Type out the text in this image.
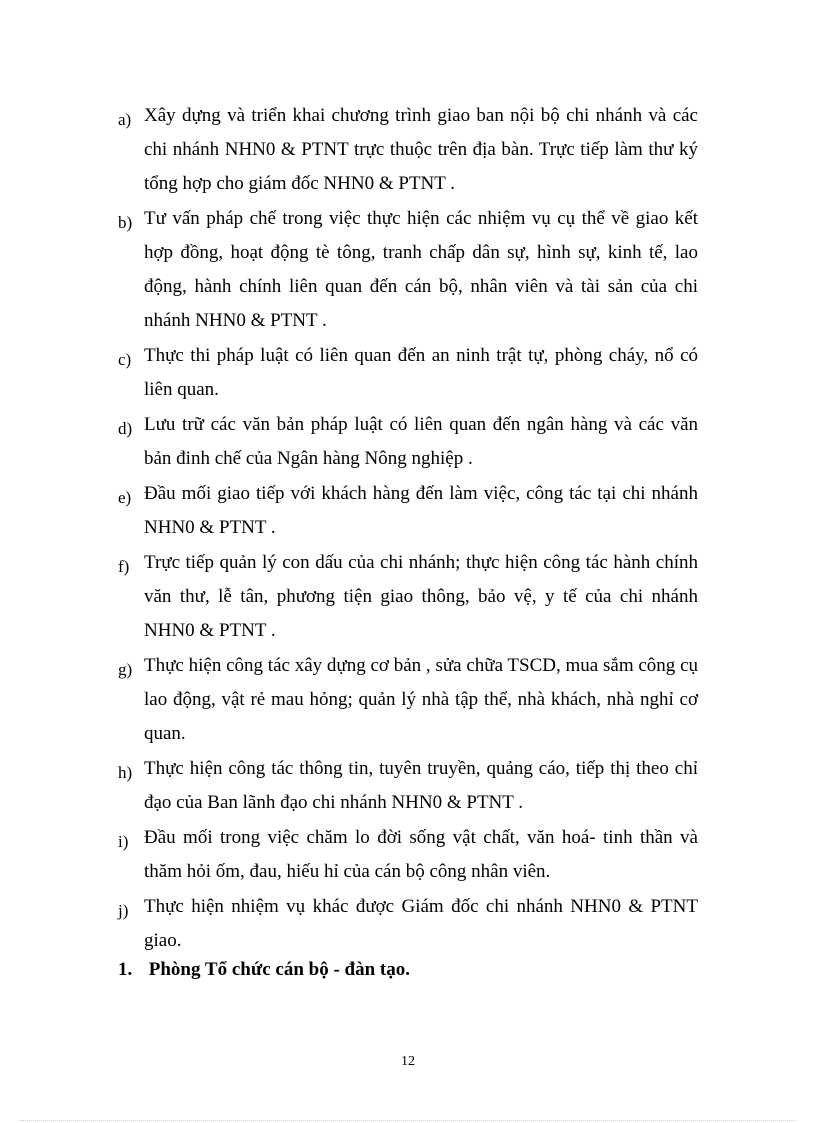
a) Xây dựng và triển khai chương trình giao ban nội bộ chi nhánh và các chi nhánh NHN0 & PTNT trực thuộc trên địa bàn. Trực tiếp làm thư ký tổng hợp cho giám đốc NHN0 & PTNT .
b) Tư vấn pháp chế trong việc thực hiện các nhiệm vụ cụ thể về giao kết hợp đồng, hoạt động tè tông, tranh chấp dân sự, hình sự, kinh tế, lao động, hành chính liên quan đến cán bộ, nhân viên và tài sản của chi nhánh NHN0 & PTNT .
c) Thực thi pháp luật có liên quan đến an ninh trật tự, phòng cháy, nổ có liên quan.
d) Lưu trữ các văn bản pháp luật có liên quan đến ngân hàng và các văn bản đinh chế của Ngân hàng Nông nghiệp .
e) Đầu mối giao tiếp với khách hàng đến làm việc, công tác tại chi nhánh NHN0 & PTNT .
f) Trực tiếp quản lý con dấu của chi nhánh; thực hiện công tác hành chính văn thư, lễ tân, phương tiện giao thông, bảo vệ, y tế của chi nhánh NHN0 & PTNT .
g) Thực hiện công tác xây dựng cơ bản , sửa chữa TSCD, mua sắm công cụ lao động, vật rẻ mau hỏng; quản lý nhà tập thể, nhà khách, nhà nghỉ cơ quan.
h) Thực hiện công tác thông tin, tuyên truyền, quảng cáo, tiếp thị theo chỉ đạo của Ban lãnh đạo chi nhánh NHN0 & PTNT .
i) Đầu mối trong việc chăm lo đời sống vật chất, văn hoá- tinh thần và thăm hỏi ốm, đau, hiếu hỉ của cán bộ công nhân viên.
j) Thực hiện nhiệm vụ khác được Giám đốc chi nhánh NHN0 & PTNT giao.
1. Phòng Tổ chức cán bộ - đàn tạo.
12
